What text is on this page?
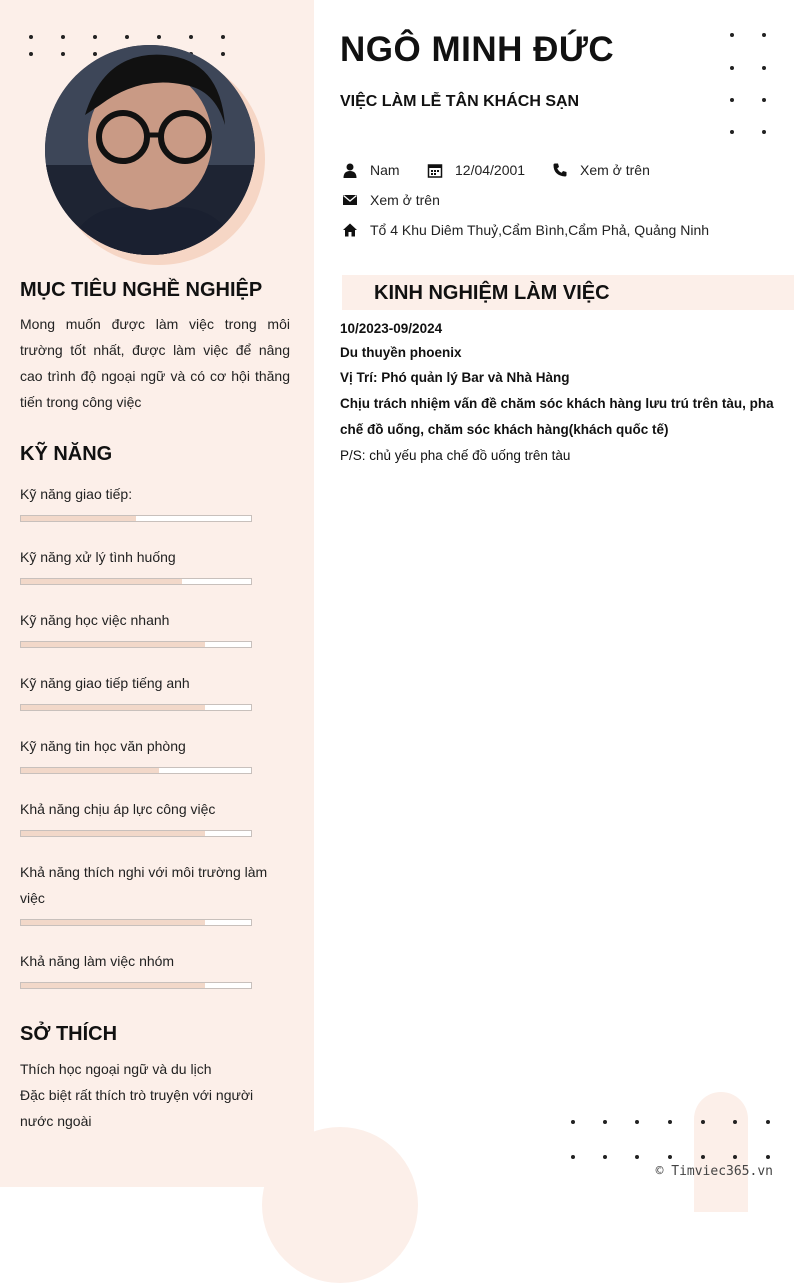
MỤC TIÊU NGHỀ NGHIỆP
Mong muốn được làm việc trong môi trường tốt nhất, được làm việc để nâng cao trình độ ngoại ngữ và có cơ hội thăng tiến trong công việc
KỸ NĂNG
Kỹ năng giao tiếp:
Kỹ năng xử lý tình huống
Kỹ năng học việc nhanh
Kỹ năng giao tiếp tiếng anh
Kỹ năng tin học văn phòng
Khả năng chịu áp lực công việc
Khả năng thích nghi với môi trường làm việc
Khả năng làm việc nhóm
SỞ THÍCH
Thích học ngoại ngữ và du lịch
Đặc biệt rất thích trò truyện với người nước ngoài
NGÔ MINH ĐỨC
VIỆC LÀM LỄ TÂN KHÁCH SẠN
Nam	12/04/2001	Xem ở trên
Xem ở trên
Tổ 4 Khu Diêm Thuỷ,Cẩm Bình,Cẩm Phả, Quảng Ninh
KINH NGHIỆM LÀM VIỆC
10/2023-09/2024
Du thuyền phoenix
Vị Trí: Phó quản lý Bar và Nhà Hàng
Chịu trách nhiệm vấn đề chăm sóc khách hàng lưu trú trên tàu, pha
chế đồ uống, chăm sóc khách hàng(khách quốc tế)
P/S: chủ yếu pha chế đồ uống trên tàu
© Timviec365.vn
